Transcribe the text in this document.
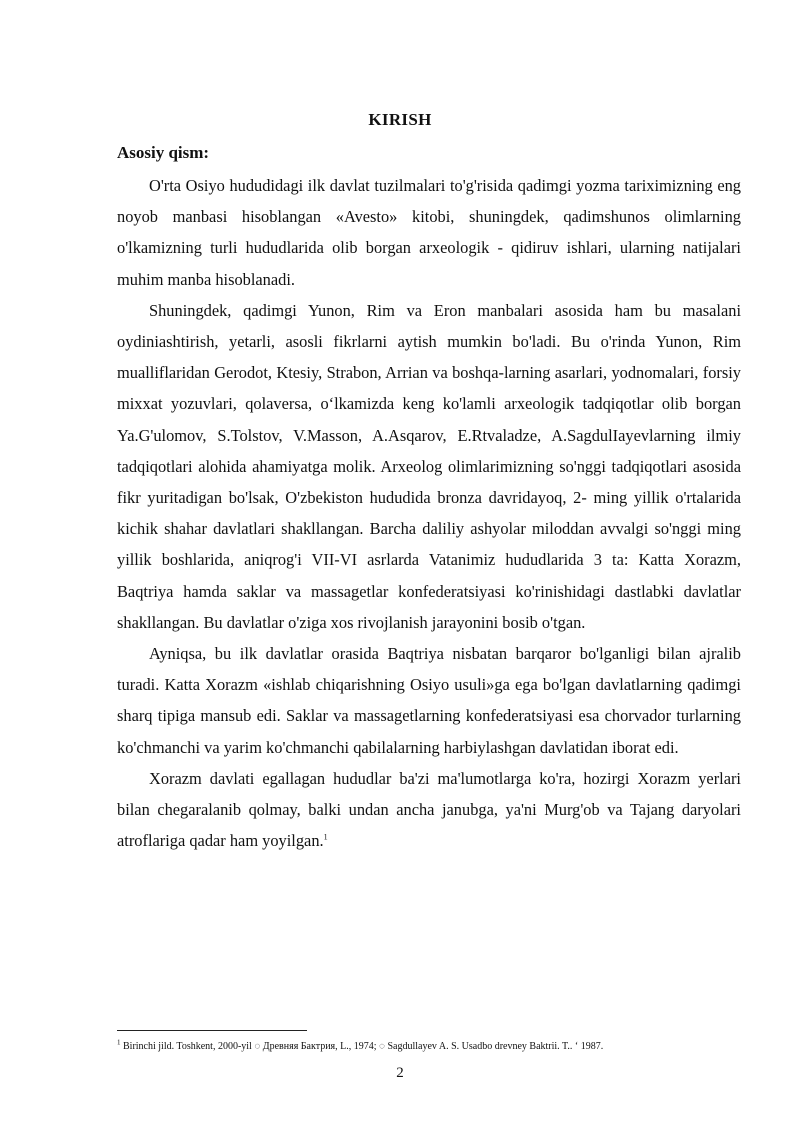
KIRISH
Asosiy qism:

O'rta Osiyo hududidagi ilk davlat tuzilmalari to'g'risida qadimgi yozma tariximizning eng noyob manbasi hisoblangan «Avesto» kitobi, shuningdek, qadimshunos olimlarning o'lkamizning turli hududlarida olib borgan arxeologik - qidiruv ishlari, ularning natijalari muhim manba hisoblanadi.

Shuningdek, qadimgi Yunon, Rim va Eron manbalari asosida ham bu masalani oydiniashtirish, yetarli, asosli fikrlarni aytish mumkin bo'ladi. Bu o'rinda Yunon, Rim mualliflaridan Gerodot, Ktesiy, Strabon, Arrian va boshqa-larning asarlari, yodnomalari, forsiy mixxat yozuvlari, qolaversa, o‘lkamizda keng ko'lamli arxeologik tadqiqotlar olib borgan Ya.G'ulomov, S.Tolstov, V.Masson, A.Asqarov, E.Rtvaladze, A.SagdulIayevlarning ilmiy tadqiqotlari alohida ahamiyatga molik. Arxeolog olimlarimizning so'nggi tadqiqotlari asosida fikr yuritadigan bo'lsak, O'zbekiston hududida bronza davridayoq, 2- ming yillik o'rtalarida kichik shahar davlatlari shakllangan. Barcha daliliy ashyolar miloddan avvalgi so'nggi ming yillik boshlarida, aniqrog'i VII-VI asrlarda Vatanimiz hududlarida 3 ta: Katta Xorazm, Baqtriya hamda saklar va massagetlar konfederatsiyasi ko'rinishidagi dastlabki davlatlar shakllangan. Bu davlatlar o'ziga xos rivojlanish jarayonini bosib o'tgan.

Ayniqsa, bu ilk davlatlar orasida Baqtriya nisbatan barqaror bo'lganligi bilan ajralib turadi. Katta Xorazm «ishlab chiqarishning Osiyo usuli»ga ega bo'lgan davlatlarning qadimgi sharq tipiga mansub edi. Saklar va massagetlarning konfederatsiyasi esa chorvador turlarning ko'chmanchi va yarim ko'chmanchi qabilalarning harbiylashgan davlatidan iborat edi.

Xorazm davlati egallagan hududlar ba'zi ma'lumotlarga ko'ra, hozirgi Xorazm yerlari bilan chegaralanib qolmay, balki undan ancha janubga, ya'ni Murg'ob va Tajang daryolari atroflariga qadar ham yoyilgan.$^1$

$^1$ Birinchi jild. Toshkent, 2000-yil ◌ Древняя Бактрия, L., 1974; ◌ Sagdullayev A. S. Usadbo drevney Baktrii. T.. ‘ 1987.
2
